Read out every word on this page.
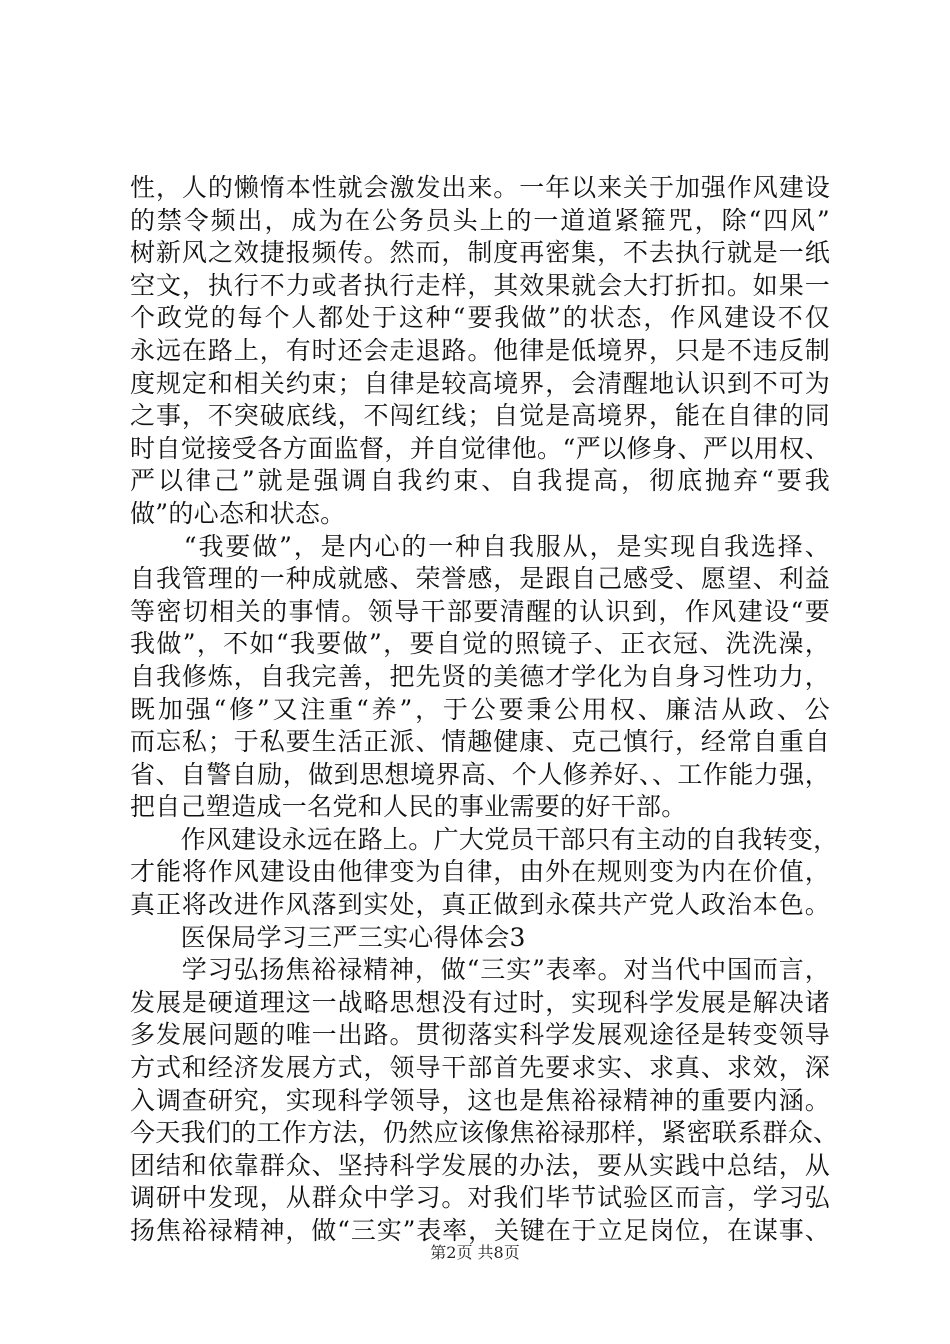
性，人的懒惰本性就会激发出来。一年以来关于加强作风建设
的禁令频出，成为在公务员头上的一道道紧箍咒，除“四风”
树新风之效捷报频传。然而，制度再密集，不去执行就是一纸
空文，执行不力或者执行走样，其效果就会大打折扣。如果一
个政党的每个人都处于这种“要我做”的状态，作风建设不仅
永远在路上，有时还会走退路。他律是低境界，只是不违反制
度规定和相关约束；自律是较高境界，会清醒地认识到不可为
之事，不突破底线，不闯红线；自觉是高境界，能在自律的同
时自觉接受各方面监督，并自觉律他。“严以修身、严以用权、
严以律己”就是强调自我约束、自我提高，彻底抛弃“要我
做”的心态和状态。
　　“我要做”，是内心的一种自我服从，是实现自我选择、
自我管理的一种成就感、荣誉感，是跟自己感受、愿望、利益
等密切相关的事情。领导干部要清醒的认识到，作风建设“要
我做”，不如“我要做”，要自觉的照镜子、正衣冠、洗洗澡，
自我修炼，自我完善，把先贤的美德才学化为自身习性功力，
既加强“修”又注重“养”，于公要秉公用权、廉洁从政、公
而忘私；于私要生活正派、情趣健康、克己慎行，经常自重自
省、自警自励，做到思想境界高、个人修养好、、工作能力强，
把自己塑造成一名党和人民的事业需要的好干部。
　　作风建设永远在路上。广大党员干部只有主动的自我转变，
才能将作风建设由他律变为自律，由外在规则变为内在价值，
真正将改进作风落到实处，真正做到永葆共产党人政治本色。
　　医保局学习三严三实心得体会3
　　学习弘扬焦裕禄精神，做“三实”表率。对当代中国而言，
发展是硬道理这一战略思想没有过时，实现科学发展是解决诸
多发展问题的唯一出路。贯彻落实科学发展观途径是转变领导
方式和经济发展方式，领导干部首先要求实、求真、求效，深
入调查研究，实现科学领导，这也是焦裕禄精神的重要内涵。
今天我们的工作方法，仍然应该像焦裕禄那样，紧密联系群众、
团结和依靠群众、坚持科学发展的办法，要从实践中总结，从
调研中发现，从群众中学习。对我们毕节试验区而言，学习弘
扬焦裕禄精神，做“三实”表率，关键在于立足岗位，在谋事、
第2页 共8页
